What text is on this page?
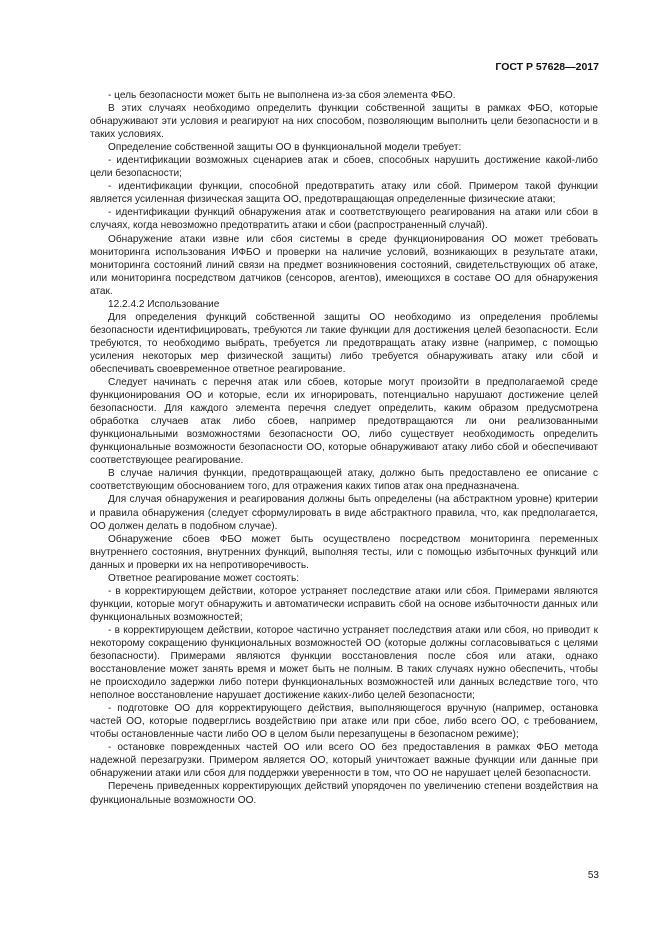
ГОСТ Р 57628—2017

- цель безопасности может быть не выполнена из-за сбоя элемента ФБО.

В этих случаях необходимо определить функции собственной защиты в рамках ФБО, которые обнаруживают эти условия и реагируют на них способом, позволяющим выполнить цели безопасности и в таких условиях.

Определение собственной защиты ОО в функциональной модели требует:

- идентификации возможных сценариев атак и сбоев, способных нарушить достижение какой-либо цели безопасности;

- идентификации функции, способной предотвратить атаку или сбой. Примером такой функции является усиленная физическая защита ОО, предотвращающая определенные физические атаки;

- идентификации функций обнаружения атак и соответствующего реагирования на атаки или сбои в случаях, когда невозможно предотвратить атаки и сбои (распространенный случай).

Обнаружение атаки извне или сбоя системы в среде функционирования ОО может требовать мониторинга использования ИФБО и проверки на наличие условий, возникающих в результате атаки, мониторинга состояний линий связи на предмет возникновения состояний, свидетельствующих об атаке, или мониторинга посредством датчиков (сенсоров, агентов), имеющихся в составе ОО для обнаружения атак.

12.2.4.2 Использование

Для определения функций собственной защиты ОО необходимо из определения проблемы безопасности идентифицировать, требуются ли такие функции для достижения целей безопасности. Если требуются, то необходимо выбрать, требуется ли предотвращать атаку извне (например, с помощью усиления некоторых мер физической защиты) либо требуется обнаруживать атаку или сбой и обеспечивать своевременное ответное реагирование.

Следует начинать с перечня атак или сбоев, которые могут произойти в предполагаемой среде функционирования ОО и которые, если их игнорировать, потенциально нарушают достижение целей безопасности. Для каждого элемента перечня следует определить, каким образом предусмотрена обработка случаев атак либо сбоев, например предотвращаются ли они реализованными функциональными возможностями безопасности ОО, либо существует необходимость определить функциональные возможности безопасности ОО, которые обнаруживают атаку либо сбой и обеспечивают соответствующее реагирование.

В случае наличия функции, предотвращающей атаку, должно быть предоставлено ее описание с соответствующим обоснованием того, для отражения каких типов атак она предназначена.

Для случая обнаружения и реагирования должны быть определены (на абстрактном уровне) критерии и правила обнаружения (следует сформулировать в виде абстрактного правила, что, как предполагается, ОО должен делать в подобном случае).

Обнаружение сбоев ФБО может быть осуществлено посредством мониторинга переменных внутреннего состояния, внутренних функций, выполняя тесты, или с помощью избыточных функций или данных и проверки их на непротиворечивость.

Ответное реагирование может состоять:

- в корректирующем действии, которое устраняет последствие атаки или сбоя. Примерами являются функции, которые могут обнаружить и автоматически исправить сбой на основе избыточности данных или функциональных возможностей;

- в корректирующем действии, которое частично устраняет последствия атаки или сбоя, но приводит к некоторому сокращению функциональных возможностей ОО (которые должны согласовываться с целями безопасности). Примерами являются функции восстановления после сбоя или атаки, однако восстановление может занять время и может быть не полным. В таких случаях нужно обеспечить, чтобы не происходило задержки либо потери функциональных возможностей или данных вследствие того, что неполное восстановление нарушает достижение каких-либо целей безопасности;

- подготовке ОО для корректирующего действия, выполняющегося вручную (например, остановка частей ОО, которые подверглись воздействию при атаке или при сбое, либо всего ОО, с требованием, чтобы остановленные части либо ОО в целом были перезапущены в безопасном режиме);

- остановке поврежденных частей ОО или всего ОО без предоставления в рамках ФБО метода надежной перезагрузки. Примером является ОО, который уничтожает важные функции или данные при обнаружении атаки или сбоя для поддержки уверенности в том, что ОО не нарушает целей безопасности.

Перечень приведенных корректирующих действий упорядочен по увеличению степени воздействия на функциональные возможности ОО.

53
